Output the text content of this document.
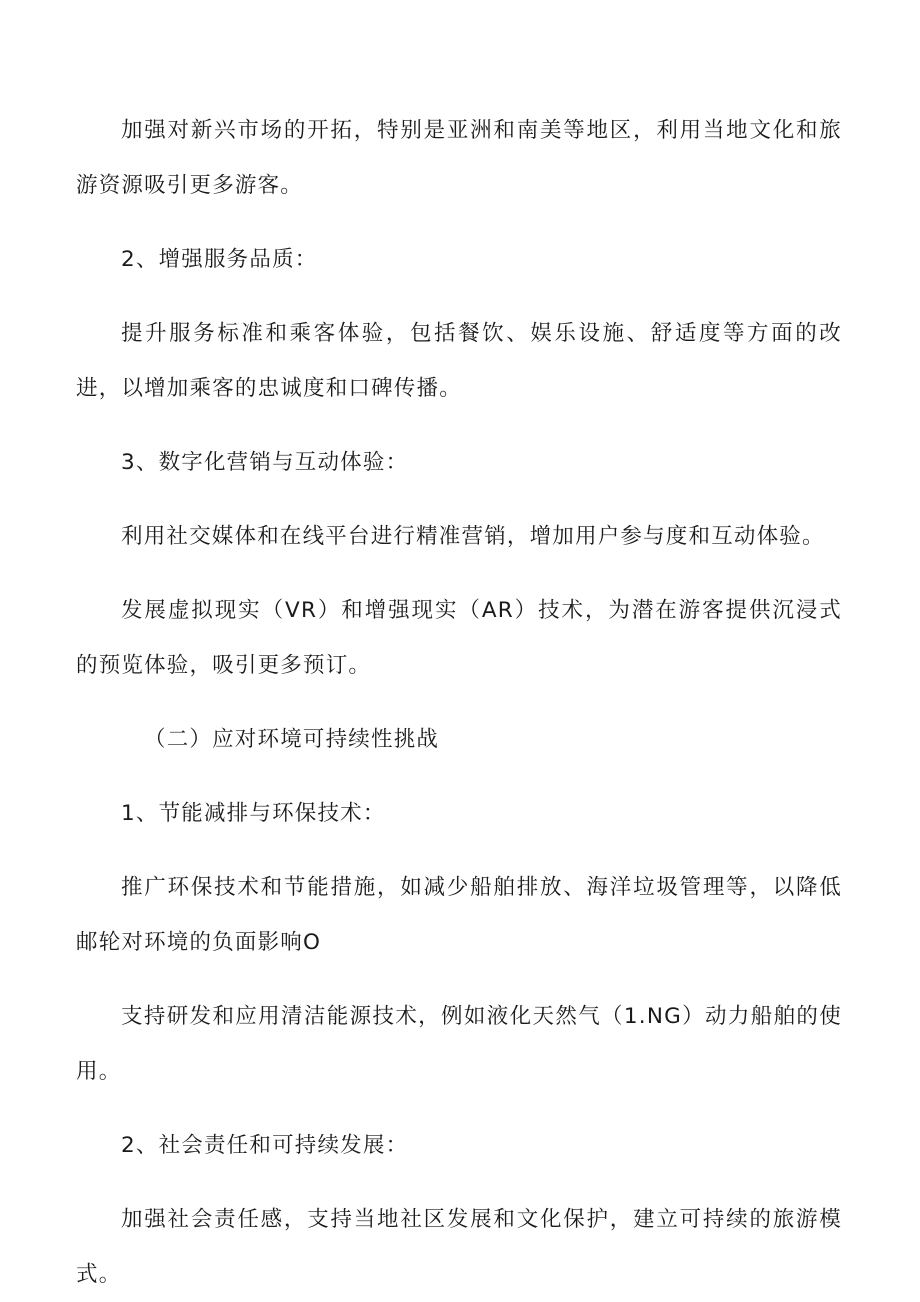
加强对新兴市场的开拓，特别是亚洲和南美等地区，利用当地文化和旅游资源吸引更多游客。

2、增强服务品质：

提升服务标准和乘客体验，包括餐饮、娱乐设施、舒适度等方面的改进，以增加乘客的忠诚度和口碑传播。

3、数字化营销与互动体验：

利用社交媒体和在线平台进行精准营销，增加用户参与度和互动体验。

发展虚拟现实（VR）和增强现实（AR）技术，为潜在游客提供沉浸式的预览体验，吸引更多预订。

（二）应对环境可持续性挑战

1、节能减排与环保技术：

推广环保技术和节能措施，如减少船舶排放、海洋垃圾管理等，以降低邮轮对环境的负面影响O

支持研发和应用清洁能源技术，例如液化天然气（1.NG）动力船舶的使用。

2、社会责任和可持续发展：

加强社会责任感，支持当地社区发展和文化保护，建立可持续的旅游模式。
